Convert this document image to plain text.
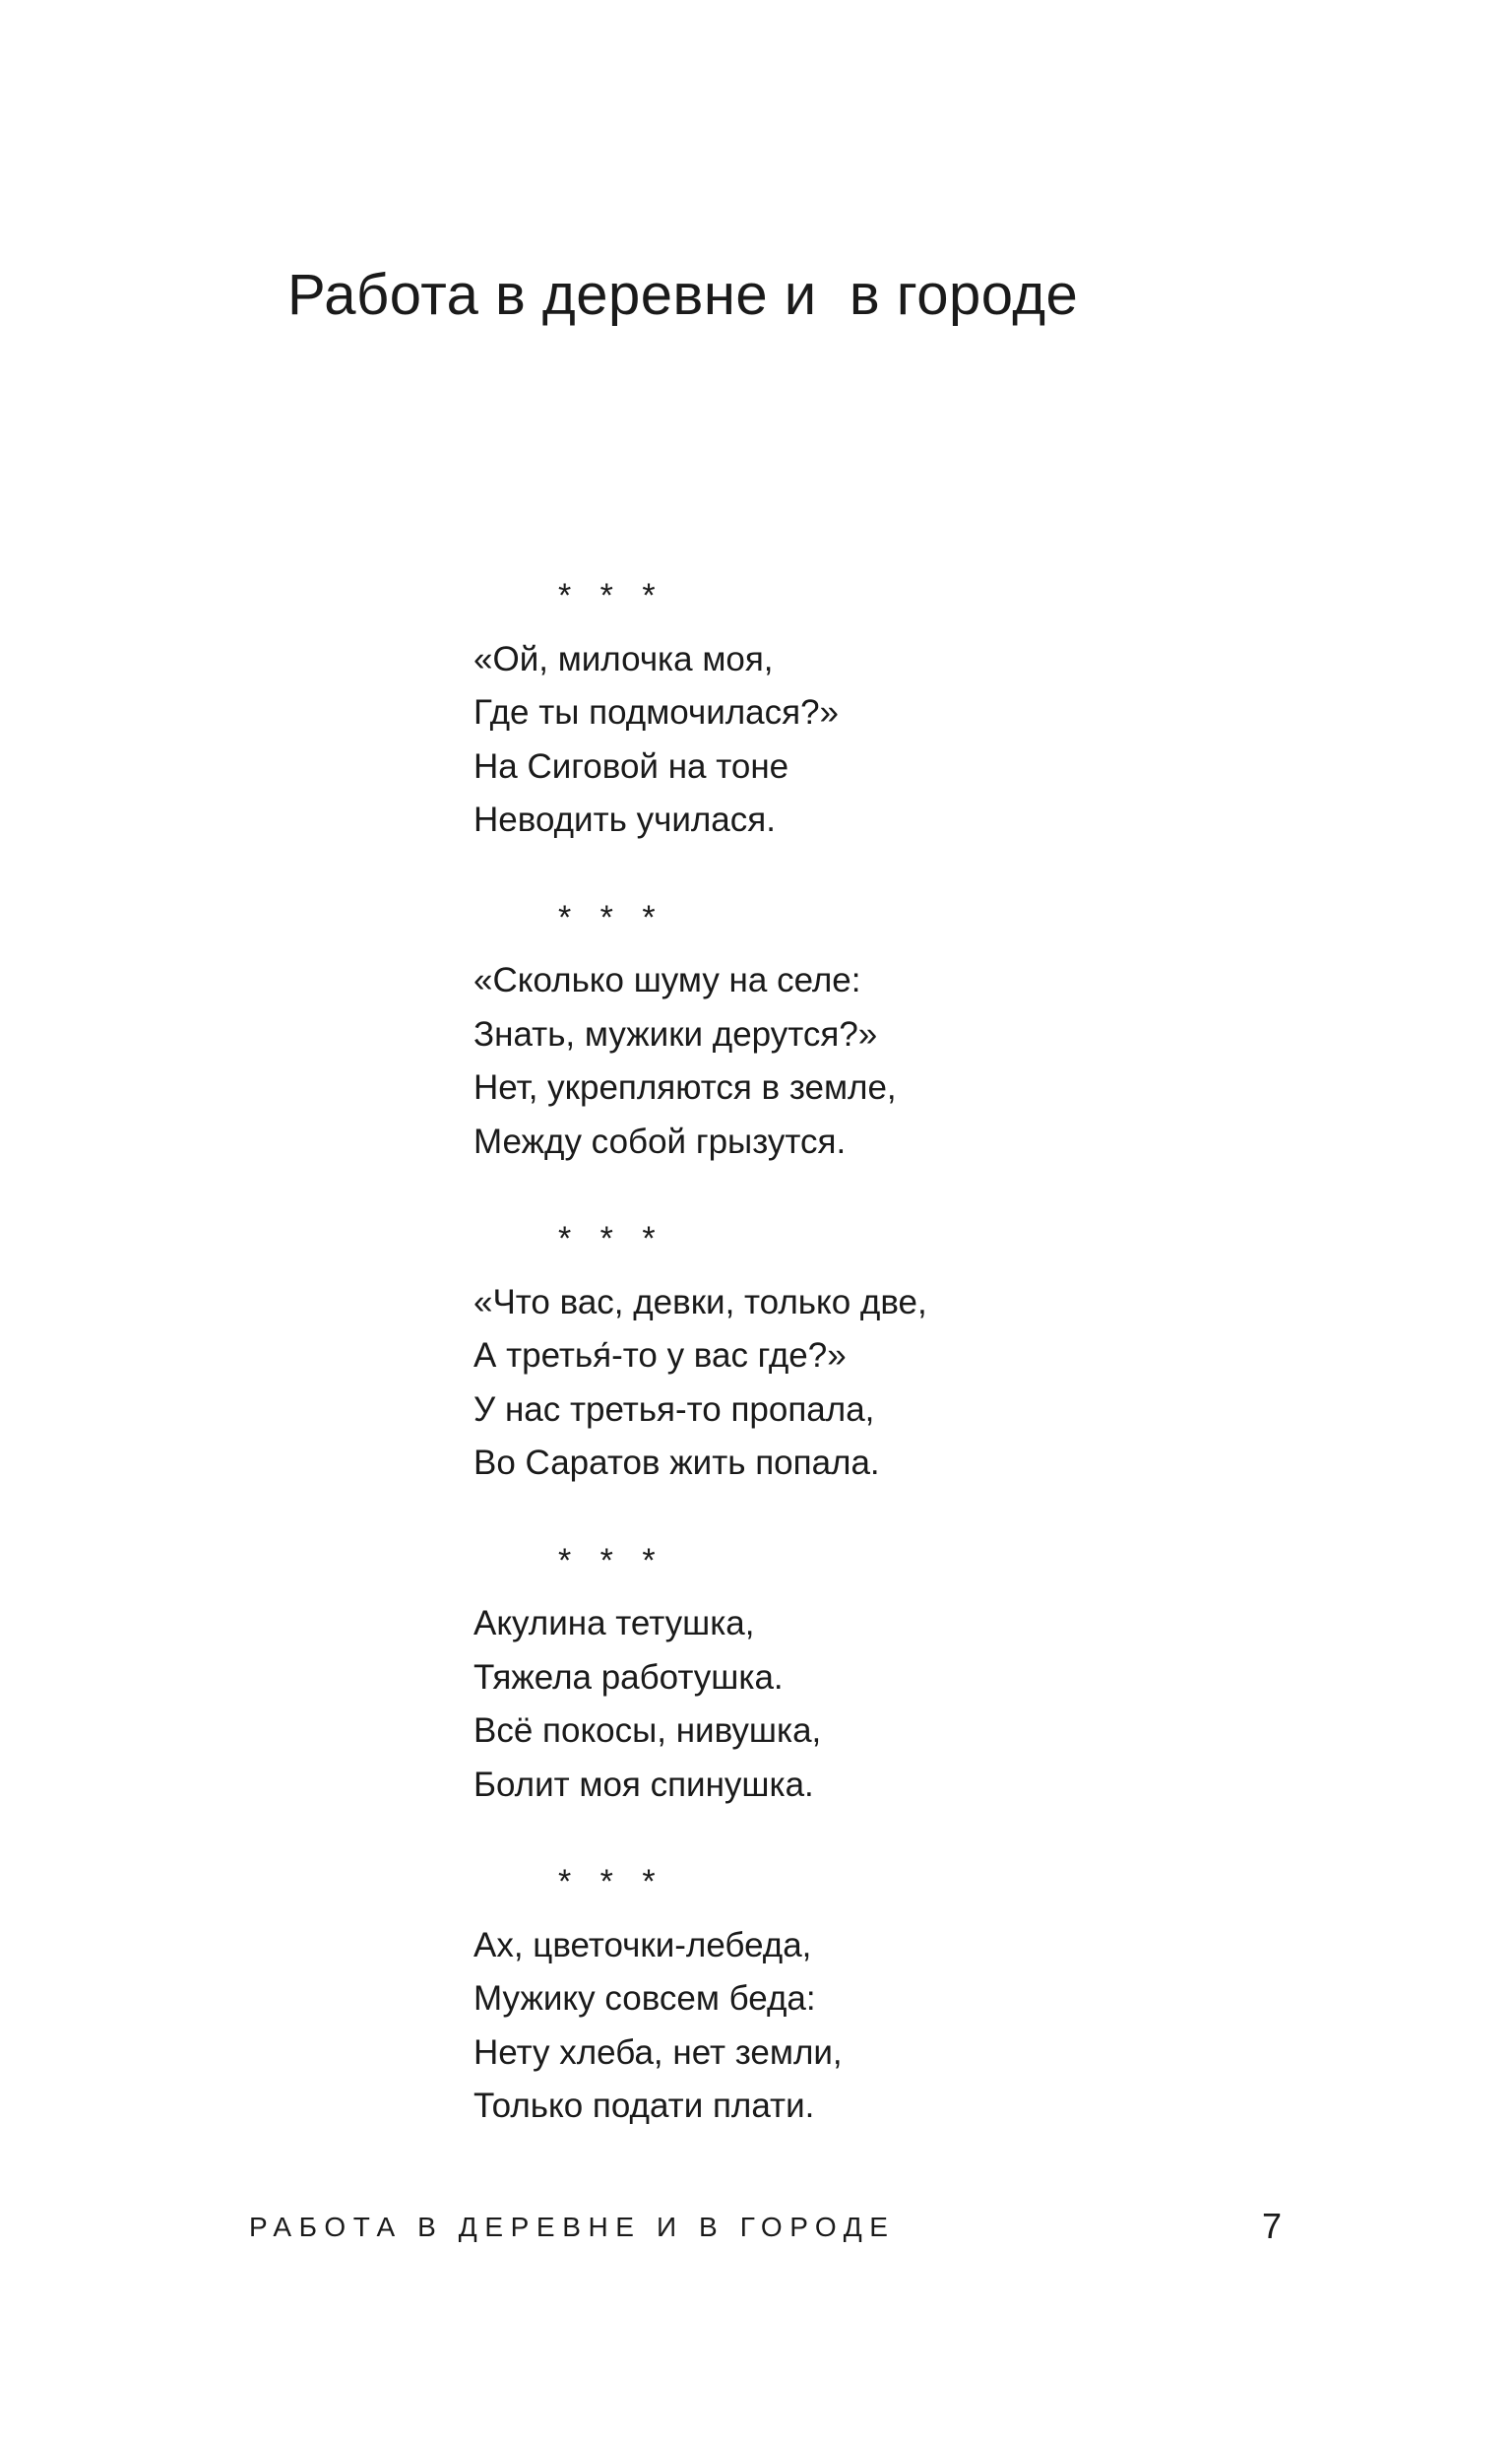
Работа в деревне и  в городе
* * *
«Ой, милочка моя,
Где ты подмочилася?»
На Сиговой на тоне
Неводить училася.
* * *
«Сколько шуму на селе:
Знать, мужики дерутся?»
Нет, укрепляются в земле,
Между собой грызутся.
* * *
«Что вас, девки, только две,
А третья́-то у вас где?»
У нас третья-то пропала,
Во Саратов жить попала.
* * *
Акулина тетушка,
Тяжела работушка.
Всё покосы, нивушка,
Болит моя спинушка.
* * *
Ах, цветочки-лебеда,
Мужику совсем беда:
Нету хлеба, нет земли,
Только подати плати.
РАБОТА В ДЕРЕВНЕ И В ГОРОДЕ	7
